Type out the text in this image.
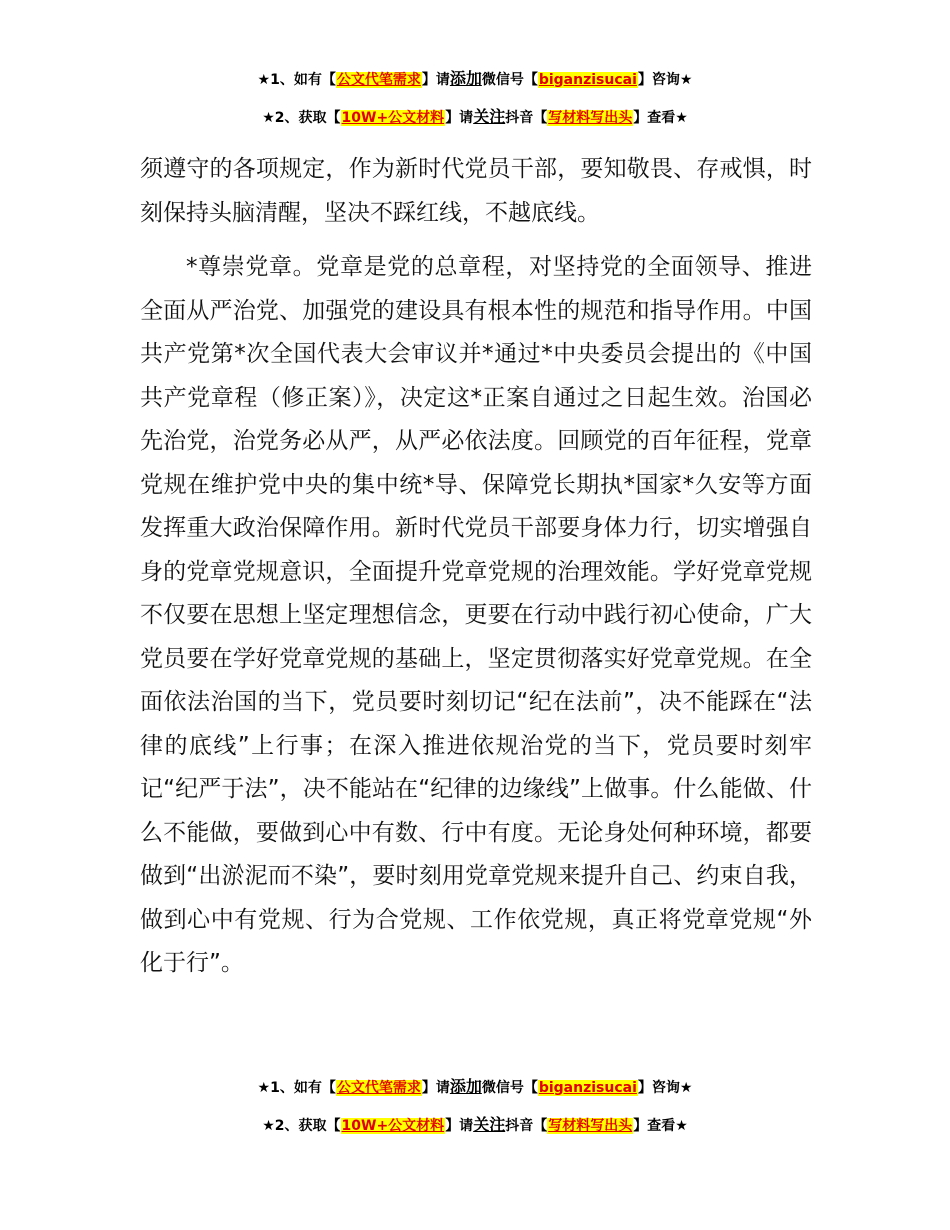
★1、如有【公文代笔需求】请添加微信号【biganzisucai】咨询★
★2、获取【10W+公文材料】请关注抖音【写材料写出头】查看★

须遵守的各项规定，作为新时代党员干部，要知敬畏、存戒惧，时刻保持头脑清醒，坚决不踩红线，不越底线。

*尊崇党章。党章是党的总章程，对坚持党的全面领导、推进全面从严治党、加强党的建设具有根本性的规范和指导作用。中国共产党第*次全国代表大会审议并*通过*中央委员会提出的《中国共产党章程（修正案）》，决定这*正案自通过之日起生效。治国必先治党，治党务必从严，从严必依法度。回顾党的百年征程，党章党规在维护党中央的集中统*导、保障党长期执*国家*久安等方面发挥重大政治保障作用。新时代党员干部要身体力行，切实增强自身的党章党规意识，全面提升党章党规的治理效能。学好党章党规不仅要在思想上坚定理想信念，更要在行动中践行初心使命，广大党员要在学好党章党规的基础上，坚定贯彻落实好党章党规。在全面依法治国的当下，党员要时刻切记“纪在法前”，决不能踩在“法律的底线”上行事；在深入推进依规治党的当下，党员要时刻牢记“纪严于法”，决不能站在“纪律的边缘线”上做事。什么能做、什么不能做，要做到心中有数、行中有度。无论身处何种环境，都要做到“出淤泥而不染”，要时刻用党章党规来提升自己、约束自我，做到心中有党规、行为合党规、工作依党规，真正将党章党规“外化于行”。

★1、如有【公文代笔需求】请添加微信号【biganzisucai】咨询★
★2、获取【10W+公文材料】请关注抖音【写材料写出头】查看★
